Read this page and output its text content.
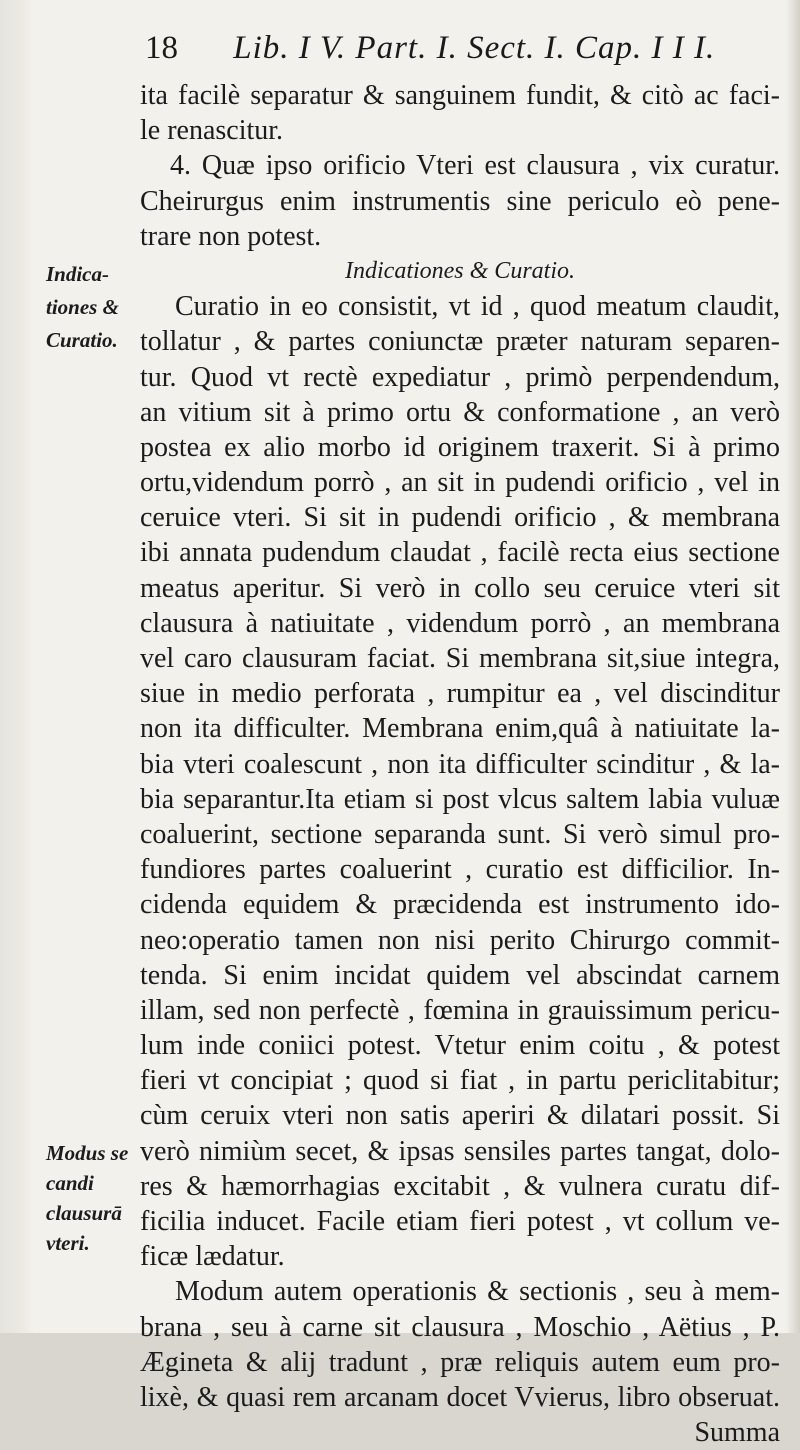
18 Lib. I V. Part. I. Sect. I. Cap. I I I.
Indica-
tiones &
Curatio.
Modus se
candi
clausurā
vteri.
ita facilè separatur & sanguinem fundit, & citò ac faci-
le renascitur.
4. Quæ ipso orificio Vteri est clausura , vix curatur.
Cheirurgus enim instrumentis sine periculo eò pene-
trare non potest.
Indicationes & Curatio.
Curatio in eo consistit, vt id , quod meatum claudit,
tollatur , & partes coniunctæ præter naturam separen-
tur. Quod vt rectè expediatur , primò perpendendum,
an vitium sit à primo ortu & conformatione , an verò
postea ex alio morbo id originem traxerit. Si à primo
ortu,videndum porrò , an sit in pudendi orificio , vel in
ceruice vteri. Si sit in pudendi orificio , & membrana
ibi annata pudendum claudat , facilè recta eius sectione
meatus aperitur. Si verò in collo seu ceruice vteri sit
clausura à natiuitate , videndum porrò , an membrana
vel caro clausuram faciat. Si membrana sit,siue integra,
siue in medio perforata , rumpitur ea , vel discinditur
non ita difficulter. Membrana enim,quâ à natiuitate la-
bia vteri coalescunt , non ita difficulter scinditur , & la-
bia separantur.Ita etiam si post vlcus saltem labia vuluæ
coaluerint, sectione separanda sunt. Si verò simul pro-
fundiores partes coaluerint , curatio est difficilior. In-
cidenda equidem & præcidenda est instrumento ido-
neo:operatio tamen non nisi perito Chirurgo commit-
tenda. Si enim incidat quidem vel abscindat carnem
illam, sed non perfectè , fœmina in grauissimum pericu-
lum inde coniici potest. Vtetur enim coitu , & potest
fieri vt concipiat ; quod si fiat , in partu periclitabitur;
cùm ceruix vteri non satis aperiri & dilatari possit. Si
verò nimiùm secet, & ipsas sensiles partes tangat, dolo-
res & hæmorrhagias excitabit , & vulnera curatu dif-
ficilia inducet. Facile etiam fieri potest , vt collum ve-
ficæ lædatur.
Modum autem operationis & sectionis , seu à mem-
brana , seu à carne sit clausura , Moschio , Aëtius , P.
Ægineta & alij tradunt , præ reliquis autem eum pro-
lixè, & quasi rem arcanam docet Vvierus, libro obseruat.
Summa
